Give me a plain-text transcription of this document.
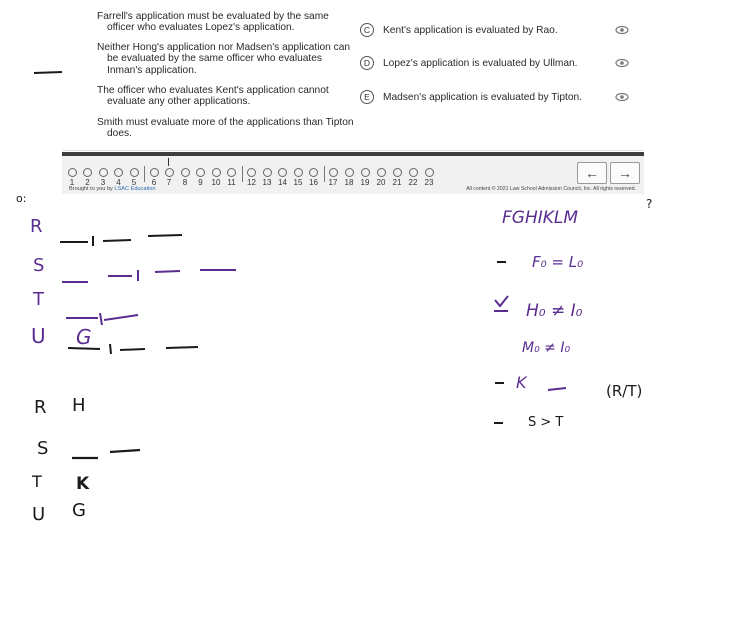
Farrell's application must be evaluated by the same officer who evaluates Lopez's application.
Neither Hong's application nor Madsen's application can be evaluated by the same officer who evaluates Inman's application.
The officer who evaluates Kent's application cannot evaluate any other applications.
Smith must evaluate more of the applications than Tipton does.
C	Kent's application is evaluated by Rao.
D	Lopez's application is evaluated by Ullman.
E	Madsen's application is evaluated by Tipton.
1	2	3	4	5	6	7	8	9	10 11	12 13 14 15 16	17 18 19 20 21 22 23
← →
Brought to you by LSAC Education	All content © 2021 Law School Admission Council, Inc. All rights reserved.
o:
R
S
T
U G
R H
S
T K
U G
FGHIKLM
?
F₀ = L₀
H₀ ≠ I₀
M₀ ≠ I₀
K	(R/T)
S > T
